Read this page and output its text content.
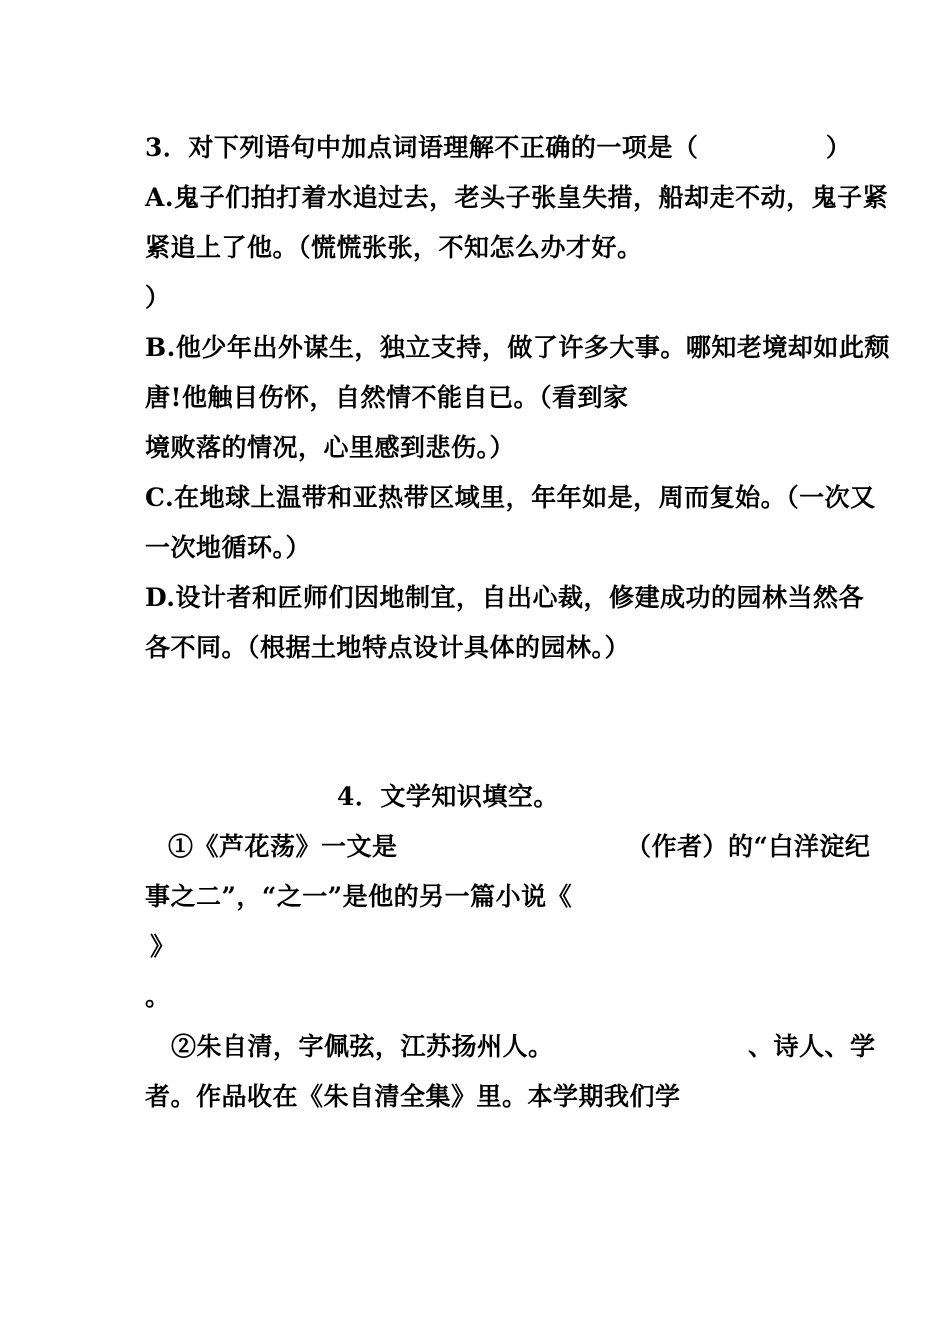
3．对下列语句中加点词语理解不正确的一项是（　　　　　）
A.鬼子们拍打着水追过去，老头子张皇失措，船却走不动，鬼子紧
紧追上了他。（慌慌张张，不知怎么办才好。
）
B.他少年出外谋生，独立支持，做了许多大事。哪知老境却如此颓
唐!他触目伤怀，自然情不能自已。（看到家
境败落的情况，心里感到悲伤。）
C.在地球上温带和亚热带区域里，年年如是，周而复始。（一次又
一次地循环。）
D.设计者和匠师们因地制宜，自出心裁，修建成功的园林当然各
各不同。（根据土地特点设计具体的园林。）
4．文学知识填空。
①《芦花荡》一文是	（作者）的“白洋淀纪
事之二”，“之一”是他的另一篇小说《
》
。
②朱自清，字佩弦，江苏扬州人。	、诗人、学
者。作品收在《朱自清全集》里。本学期我们学
